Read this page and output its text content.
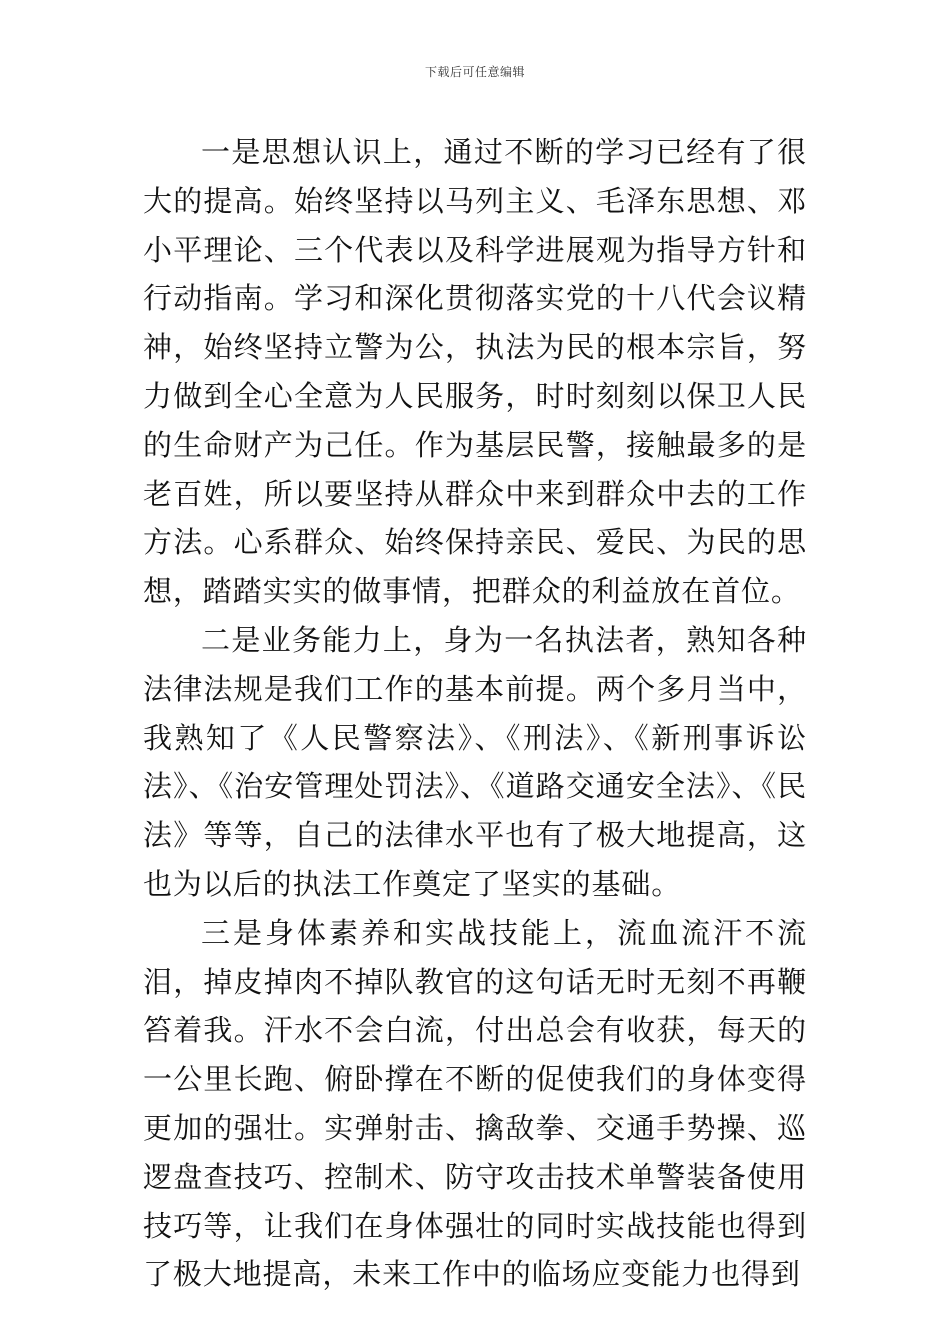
下载后可任意编辑

一是思想认识上，通过不断的学习已经有了很大的提高。始终坚持以马列主义、毛泽东思想、邓小平理论、三个代表以及科学进展观为指导方针和行动指南。学习和深化贯彻落实党的十八代会议精神，始终坚持立警为公，执法为民的根本宗旨，努力做到全心全意为人民服务，时时刻刻以保卫人民的生命财产为己任。作为基层民警，接触最多的是老百姓，所以要坚持从群众中来到群众中去的工作方法。心系群众、始终保持亲民、爱民、为民的思想，踏踏实实的做事情，把群众的利益放在首位。

二是业务能力上，身为一名执法者，熟知各种法律法规是我们工作的基本前提。两个多月当中，我熟知了《人民警察法》、《刑法》、《新刑事诉讼法》、《治安管理处罚法》、《道路交通安全法》、《民法》等等，自己的法律水平也有了极大地提高，这也为以后的执法工作奠定了坚实的基础。

三是身体素养和实战技能上，流血流汗不流泪，掉皮掉肉不掉队教官的这句话无时无刻不再鞭笞着我。汗水不会白流，付出总会有收获，每天的一公里长跑、俯卧撑在不断的促使我们的身体变得更加的强壮。实弹射击、擒敌拳、交通手势操、巡逻盘查技巧、控制术、防守攻击技术单警装备使用技巧等，让我们在身体强壮的同时实战技能也得到了极大地提高，未来工作中的临场应变能力也得到
